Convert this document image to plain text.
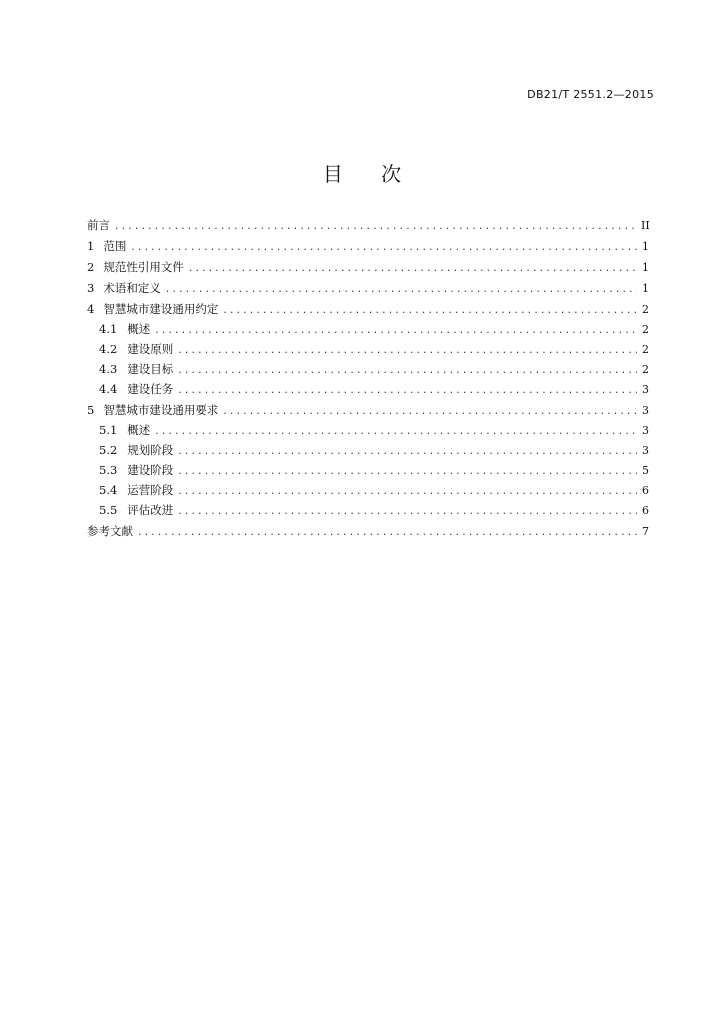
DB21/T 2551.2—2015
目 次
前言 .....	II
1 范围 .....	1
2 规范性引用文件 .....	1
3 术语和定义 .....	1
4 智慧城市建设通用约定 .....	2
4.1 概述 .....	2
4.2 建设原则 .....	2
4.3 建设目标 .....	2
4.4 建设任务 .....	3
5 智慧城市建设通用要求 .....	3
5.1 概述 .....	3
5.2 规划阶段 .....	3
5.3 建设阶段 .....	5
5.4 运营阶段 .....	6
5.5 评估改进 .....	6
参考文献 .....	7
